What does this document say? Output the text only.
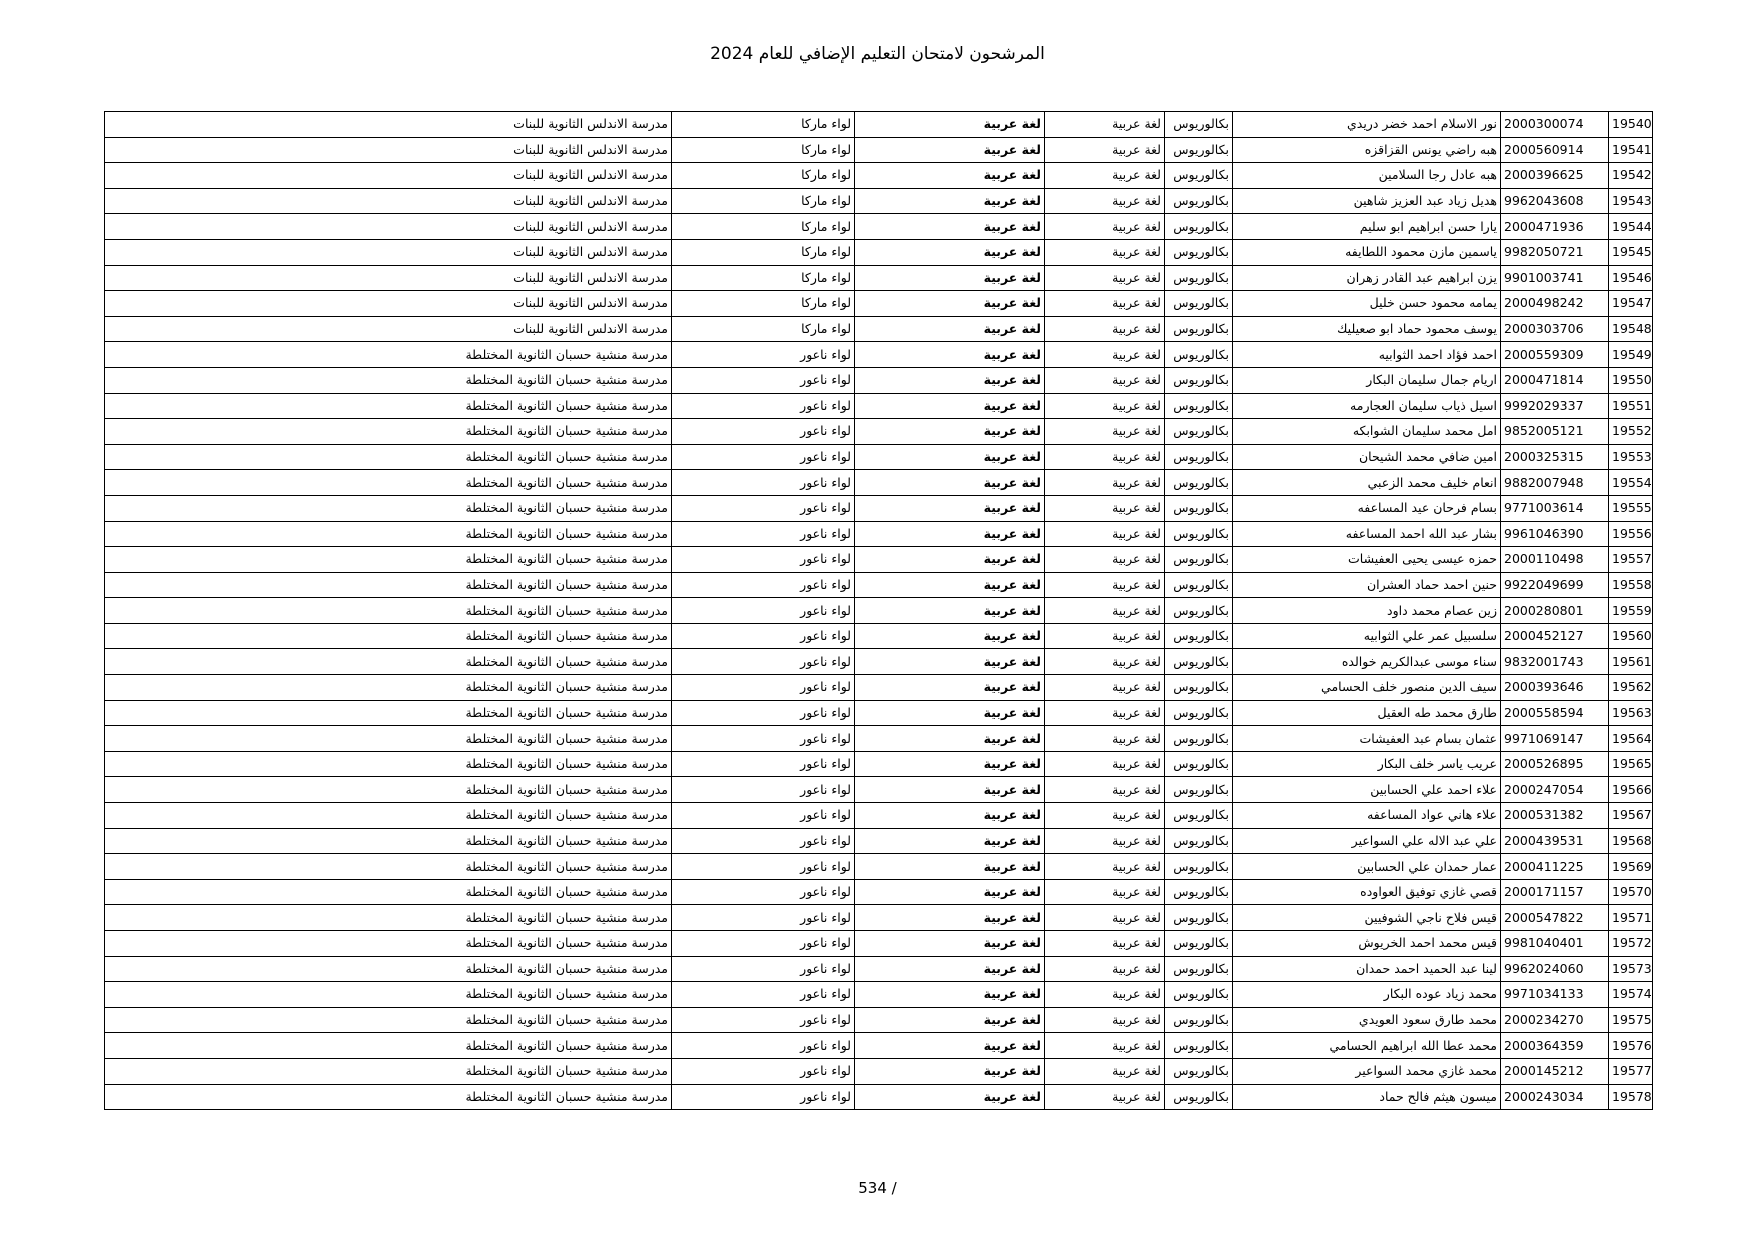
المرشحون لامتحان التعليم الإضافي للعام 2024
19540	2000300074	نور الاسلام احمد خضر دريدي	بكالوريوس	لغة عربية	لغة عربية	لواء ماركا	مدرسة الاندلس الثانوية للبنات
19541	2000560914	هبه راضي يونس القزاقزه	بكالوريوس	لغة عربية	لغة عربية	لواء ماركا	مدرسة الاندلس الثانوية للبنات
19542	2000396625	هبه عادل رجا السلامين	بكالوريوس	لغة عربية	لغة عربية	لواء ماركا	مدرسة الاندلس الثانوية للبنات
19543	9962043608	هديل زياد عبد العزيز شاهين	بكالوريوس	لغة عربية	لغة عربية	لواء ماركا	مدرسة الاندلس الثانوية للبنات
19544	2000471936	يارا حسن ابراهيم ابو سليم	بكالوريوس	لغة عربية	لغة عربية	لواء ماركا	مدرسة الاندلس الثانوية للبنات
19545	9982050721	ياسمين مازن محمود اللطايفه	بكالوريوس	لغة عربية	لغة عربية	لواء ماركا	مدرسة الاندلس الثانوية للبنات
19546	9901003741	يزن ابراهيم عبد القادر زهران	بكالوريوس	لغة عربية	لغة عربية	لواء ماركا	مدرسة الاندلس الثانوية للبنات
19547	2000498242	يمامه محمود حسن خليل	بكالوريوس	لغة عربية	لغة عربية	لواء ماركا	مدرسة الاندلس الثانوية للبنات
19548	2000303706	يوسف محمود حماد ابو صعيليك	بكالوريوس	لغة عربية	لغة عربية	لواء ماركا	مدرسة الاندلس الثانوية للبنات
19549	2000559309	احمد فؤاد احمد الثوابيه	بكالوريوس	لغة عربية	لغة عربية	لواء ناعور	مدرسة منشية حسبان الثانوية المختلطة
19550	2000471814	اريام جمال سليمان البكار	بكالوريوس	لغة عربية	لغة عربية	لواء ناعور	مدرسة منشية حسبان الثانوية المختلطة
19551	9992029337	اسيل ذياب سليمان العجارمه	بكالوريوس	لغة عربية	لغة عربية	لواء ناعور	مدرسة منشية حسبان الثانوية المختلطة
19552	9852005121	امل محمد سليمان الشوابكه	بكالوريوس	لغة عربية	لغة عربية	لواء ناعور	مدرسة منشية حسبان الثانوية المختلطة
19553	2000325315	امين ضافي محمد الشيحان	بكالوريوس	لغة عربية	لغة عربية	لواء ناعور	مدرسة منشية حسبان الثانوية المختلطة
19554	9882007948	انعام خليف محمد الزعبي	بكالوريوس	لغة عربية	لغة عربية	لواء ناعور	مدرسة منشية حسبان الثانوية المختلطة
19555	9771003614	بسام فرحان عيد المساعفه	بكالوريوس	لغة عربية	لغة عربية	لواء ناعور	مدرسة منشية حسبان الثانوية المختلطة
19556	9961046390	بشار عبد الله احمد المساعفه	بكالوريوس	لغة عربية	لغة عربية	لواء ناعور	مدرسة منشية حسبان الثانوية المختلطة
19557	2000110498	حمزه عيسى يحيى العفيشات	بكالوريوس	لغة عربية	لغة عربية	لواء ناعور	مدرسة منشية حسبان الثانوية المختلطة
19558	9922049699	حنين احمد حماد العشران	بكالوريوس	لغة عربية	لغة عربية	لواء ناعور	مدرسة منشية حسبان الثانوية المختلطة
19559	2000280801	زين عصام محمد داود	بكالوريوس	لغة عربية	لغة عربية	لواء ناعور	مدرسة منشية حسبان الثانوية المختلطة
19560	2000452127	سلسبيل عمر علي الثوابيه	بكالوريوس	لغة عربية	لغة عربية	لواء ناعور	مدرسة منشية حسبان الثانوية المختلطة
19561	9832001743	سناء موسى عبدالكريم خوالده	بكالوريوس	لغة عربية	لغة عربية	لواء ناعور	مدرسة منشية حسبان الثانوية المختلطة
19562	2000393646	سيف الدين منصور خلف الحسامي	بكالوريوس	لغة عربية	لغة عربية	لواء ناعور	مدرسة منشية حسبان الثانوية المختلطة
19563	2000558594	طارق محمد طه العقيل	بكالوريوس	لغة عربية	لغة عربية	لواء ناعور	مدرسة منشية حسبان الثانوية المختلطة
19564	9971069147	عثمان بسام عبد العفيشات	بكالوريوس	لغة عربية	لغة عربية	لواء ناعور	مدرسة منشية حسبان الثانوية المختلطة
19565	2000526895	عريب ياسر خلف البكار	بكالوريوس	لغة عربية	لغة عربية	لواء ناعور	مدرسة منشية حسبان الثانوية المختلطة
19566	2000247054	علاء احمد علي الحسابين	بكالوريوس	لغة عربية	لغة عربية	لواء ناعور	مدرسة منشية حسبان الثانوية المختلطة
19567	2000531382	علاء هاني عواد المساعفه	بكالوريوس	لغة عربية	لغة عربية	لواء ناعور	مدرسة منشية حسبان الثانوية المختلطة
19568	2000439531	علي عبد الاله علي السواعير	بكالوريوس	لغة عربية	لغة عربية	لواء ناعور	مدرسة منشية حسبان الثانوية المختلطة
19569	2000411225	عمار حمدان علي الحسابين	بكالوريوس	لغة عربية	لغة عربية	لواء ناعور	مدرسة منشية حسبان الثانوية المختلطة
19570	2000171157	قصي غازي توفيق العواوده	بكالوريوس	لغة عربية	لغة عربية	لواء ناعور	مدرسة منشية حسبان الثانوية المختلطة
19571	2000547822	قيس فلاح ناجي الشوفيين	بكالوريوس	لغة عربية	لغة عربية	لواء ناعور	مدرسة منشية حسبان الثانوية المختلطة
19572	9981040401	قيس محمد احمد الخريوش	بكالوريوس	لغة عربية	لغة عربية	لواء ناعور	مدرسة منشية حسبان الثانوية المختلطة
19573	9962024060	لينا عبد الحميد احمد حمدان	بكالوريوس	لغة عربية	لغة عربية	لواء ناعور	مدرسة منشية حسبان الثانوية المختلطة
19574	9971034133	محمد زياد عوده البكار	بكالوريوس	لغة عربية	لغة عربية	لواء ناعور	مدرسة منشية حسبان الثانوية المختلطة
19575	2000234270	محمد طارق سعود العويدي	بكالوريوس	لغة عربية	لغة عربية	لواء ناعور	مدرسة منشية حسبان الثانوية المختلطة
19576	2000364359	محمد عطا الله ابراهيم الحسامي	بكالوريوس	لغة عربية	لغة عربية	لواء ناعور	مدرسة منشية حسبان الثانوية المختلطة
19577	2000145212	محمد غازي محمد السواعير	بكالوريوس	لغة عربية	لغة عربية	لواء ناعور	مدرسة منشية حسبان الثانوية المختلطة
19578	2000243034	ميسون هيثم فالح حماد	بكالوريوس	لغة عربية	لغة عربية	لواء ناعور	مدرسة منشية حسبان الثانوية المختلطة
534 /
